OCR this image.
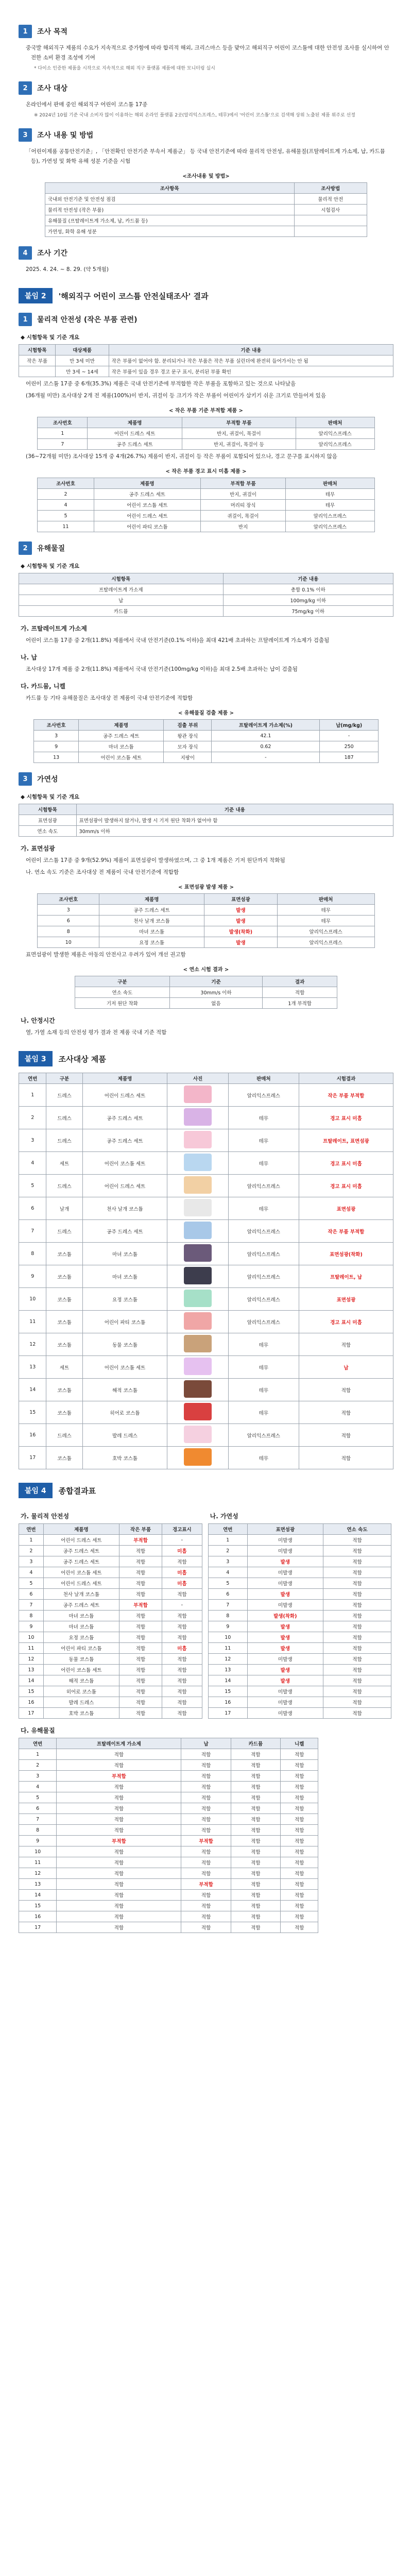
1	조사 목적
중국발 해외직구 제품의 수요가 지속적으로 증가함에 따라 합리적 해외, 크리스마스 등을 맞아고 해외직구 어린이 코스튬에 대한 안전성 조사를 실시하여 안전한 소비 환경 조성에 기여
* 다이소 인증한 제품을 시작으로 지속적으로 해외 직구 플랫폼 제품에 대한 모니터링 실시
2	조사 대상
온라인에서 판매 중인 해외직구 어린이 코스튬 17종
※ 2024년 10월 기준 국내 소비자 많이 이용하는 해외 온라인 플랫폼 2곳(알리익스프레스, 테무)에서 '어린이 코스튬'으로 검색해 상위 노출된 제품 위주로 선정
3	조사 내용 및 방법
「어린이제품 공통안전기준」, 「안전확인 안전기준 부속서 제품군」 등 국내 안전기준에 따라 물리적 안전성, 유해물질(프탈레이트계 가소제, 납, 카드뮴 등), 가연성 및 화학 유해 성분 기준을 시험
<조사내용 및 방법>
조사항목	조사방법
국내외 안전기준 및 안전성 점검	물리적 안전
물리적 안전성 (작은 부품)	시험검사
유해물질 (프탈레이트계 가소제, 납, 카드뮴 등)	
가연성, 화학 유해 성분	
4	조사 기간
2025. 4. 24. ~ 8. 29. (약 5개월)
붙임 2	'해외직구 어린이 코스튬 안전실태조사' 결과
1	물리적 안전성 (작은 부품 관련)
◆ 시험항목 및 기준 개요
시험항목	대상제품	기준 내용
작은 부품	만 3세 미만	작은 부품이 없어야 함. 분리되거나 작은 부품은 작은 부품 실린더에 완전히 들어가서는 안 됨
	만 3세 ~ 14세	작은 부품이 있을 경우 경고 문구 표시, 분리된 부품 확인
어린이 코스튬 17종 중 6개(35.3%) 제품은 국내 안전기준에 부적합한 작은 부품을 포함하고 있는 것으로 나타났음
(36개월 미만) 조사대상 2개 전 제품(100%)이 반지, 귀걸이 등 크기가 작은 부품이 어린이가 삼키기 쉬운 크기로 만들어져 있음
< 작은 부품 기준 부적합 제품 >
조사번호	제품명	부적합 부품	판매처
1	어린이 드레스 세트	반지, 귀걸이, 목걸이	알리익스프레스
7	공주 드레스 세트	반지, 귀걸이, 목걸이 등	알리익스프레스
(36~72개월 미만) 조사대상 15개 중 4개(26.7%) 제품이 반지, 귀걸이 등 작은 부품이 포함되어 있으나, 경고 문구를 표시하지 않음
< 작은 부품 경고 표시 미흡 제품 >
조사번호	제품명	부적합 부품	판매처
2	공주 드레스 세트	반지, 귀걸이	테무
4	어린이 코스튬 세트	머리띠 장식	테무
5	어린이 드레스 세트	귀걸이, 목걸이	알리익스프레스
11	어린이 파티 코스튬	반지	알리익스프레스
2	유해물질
◆ 시험항목 및 기준 개요
시험항목	기준 내용
프탈레이트계 가소제	총합 0.1% 이하
납	100mg/kg 이하
카드뮴	75mg/kg 이하
가. 프탈레이트계 가소제
어린이 코스튬 17종 중 2개(11.8%) 제품에서 국내 안전기준(0.1% 이하)을 최대 421배 초과하는 프탈레이트계 가소제가 검출됨
나. 납
조사대상 17개 제품 중 2개(11.8%) 제품에서 국내 안전기준(100mg/kg 이하)을 최대 2.5배 초과하는 납이 검출됨
다. 카드뮴, 니켈
카드뮴 등 기타 유해물질은 조사대상 전 제품이 국내 안전기준에 적합함
< 유해물질 검출 제품 >
조사번호	제품명	검출 부위	프탈레이트계 가소제(%)	납(mg/kg)
3	공주 드레스 세트	왕관 장식	42.1	-
9	마녀 코스튬	모자 장식	0.62	250
13	어린이 코스튬 세트	지팡이	-	187
3	가연성
◆ 시험항목 및 기준 개요
시험항목	기준 내용
표면섬광	표면섬광이 발생하지 않거나, 발생 시 기저 원단 착화가 없어야 함
연소 속도	30mm/s 이하
가. 표면섬광
어린이 코스튬 17종 중 9개(52.9%) 제품이 표면섬광이 발생하였으며, 그 중 1개 제품은 기저 원단까지 착화됨
나. 연소 속도 기준은 조사대상 전 제품이 국내 안전기준에 적합함
< 표면섬광 발생 제품 >
조사번호	제품명	표면섬광	판매처
3	공주 드레스 세트	발생	테무
6	천사 날개 코스튬	발생	테무
8	마녀 코스튬	발생(착화)	알리익스프레스
10	요정 코스튬	발생	알리익스프레스
표면섬광이 발생한 제품은 아동의 안전사고 우려가 있어 개선 권고함
< 연소 시험 결과 >
구분	기준	결과
연소 속도	30mm/s 이하	적합
기저 원단 착화	없음	1개 부적합
나. 안정시간
열, 가열 소재 등의 안전성 평가 결과 전 제품 국내 기준 적합
붙임 3	조사대상 제품
연번	구분	제품명	사진	판매처	시험결과
1	드레스	어린이 드레스 세트		알리익스프레스	작은 부품 부적합
2	드레스	공주 드레스 세트		테무	경고 표시 미흡
3	드레스	공주 드레스 세트		테무	프탈레이트, 표면섬광
4	세트	어린이 코스튬 세트		테무	경고 표시 미흡
5	드레스	어린이 드레스 세트		알리익스프레스	경고 표시 미흡
6	날개	천사 날개 코스튬		테무	표면섬광
7	드레스	공주 드레스 세트		알리익스프레스	작은 부품 부적합
8	코스튬	마녀 코스튬		알리익스프레스	표면섬광(착화)
9	코스튬	마녀 코스튬		알리익스프레스	프탈레이트, 납
10	코스튬	요정 코스튬		알리익스프레스	표면섬광
11	코스튬	어린이 파티 코스튬		알리익스프레스	경고 표시 미흡
12	코스튬	동물 코스튬		테무	적합
13	세트	어린이 코스튬 세트		테무	납
14	코스튬	해적 코스튬		테무	적합
15	코스튬	히어로 코스튬		테무	적합
16	드레스	발레 드레스		알리익스프레스	적합
17	코스튬	호박 코스튬		테무	적합
붙임 4	종합결과표
가. 물리적 안전성
연번	제품명	작은 부품	경고표시
1	어린이 드레스 세트	부적합	-
2	공주 드레스 세트	적합	미흡
3	공주 드레스 세트	적합	적합
4	어린이 코스튬 세트	적합	미흡
5	어린이 드레스 세트	적합	미흡
6	천사 날개 코스튬	적합	적합
7	공주 드레스 세트	부적합	-
8	마녀 코스튬	적합	적합
9	마녀 코스튬	적합	적합
10	요정 코스튬	적합	적합
11	어린이 파티 코스튬	적합	미흡
12	동물 코스튬	적합	적합
13	어린이 코스튬 세트	적합	적합
14	해적 코스튬	적합	적합
15	히어로 코스튬	적합	적합
16	발레 드레스	적합	적합
17	호박 코스튬	적합	적합
나. 가연성
연번	표면섬광	연소 속도
1	미발생	적합
2	미발생	적합
3	발생	적합
4	미발생	적합
5	미발생	적합
6	발생	적합
7	미발생	적합
8	발생(착화)	적합
9	발생	적합
10	발생	적합
11	발생	적합
12	미발생	적합
13	발생	적합
14	발생	적합
15	미발생	적합
16	미발생	적합
17	미발생	적합
다. 유해물질
연번	프탈레이트계 가소제	납	카드뮴	니켈
1	적합	적합	적합	적합
2	적합	적합	적합	적합
3	부적합	적합	적합	적합
4	적합	적합	적합	적합
5	적합	적합	적합	적합
6	적합	적합	적합	적합
7	적합	적합	적합	적합
8	적합	적합	적합	적합
9	부적합	부적합	적합	적합
10	적합	적합	적합	적합
11	적합	적합	적합	적합
12	적합	적합	적합	적합
13	적합	부적합	적합	적합
14	적합	적합	적합	적합
15	적합	적합	적합	적합
16	적합	적합	적합	적합
17	적합	적합	적합	적합
